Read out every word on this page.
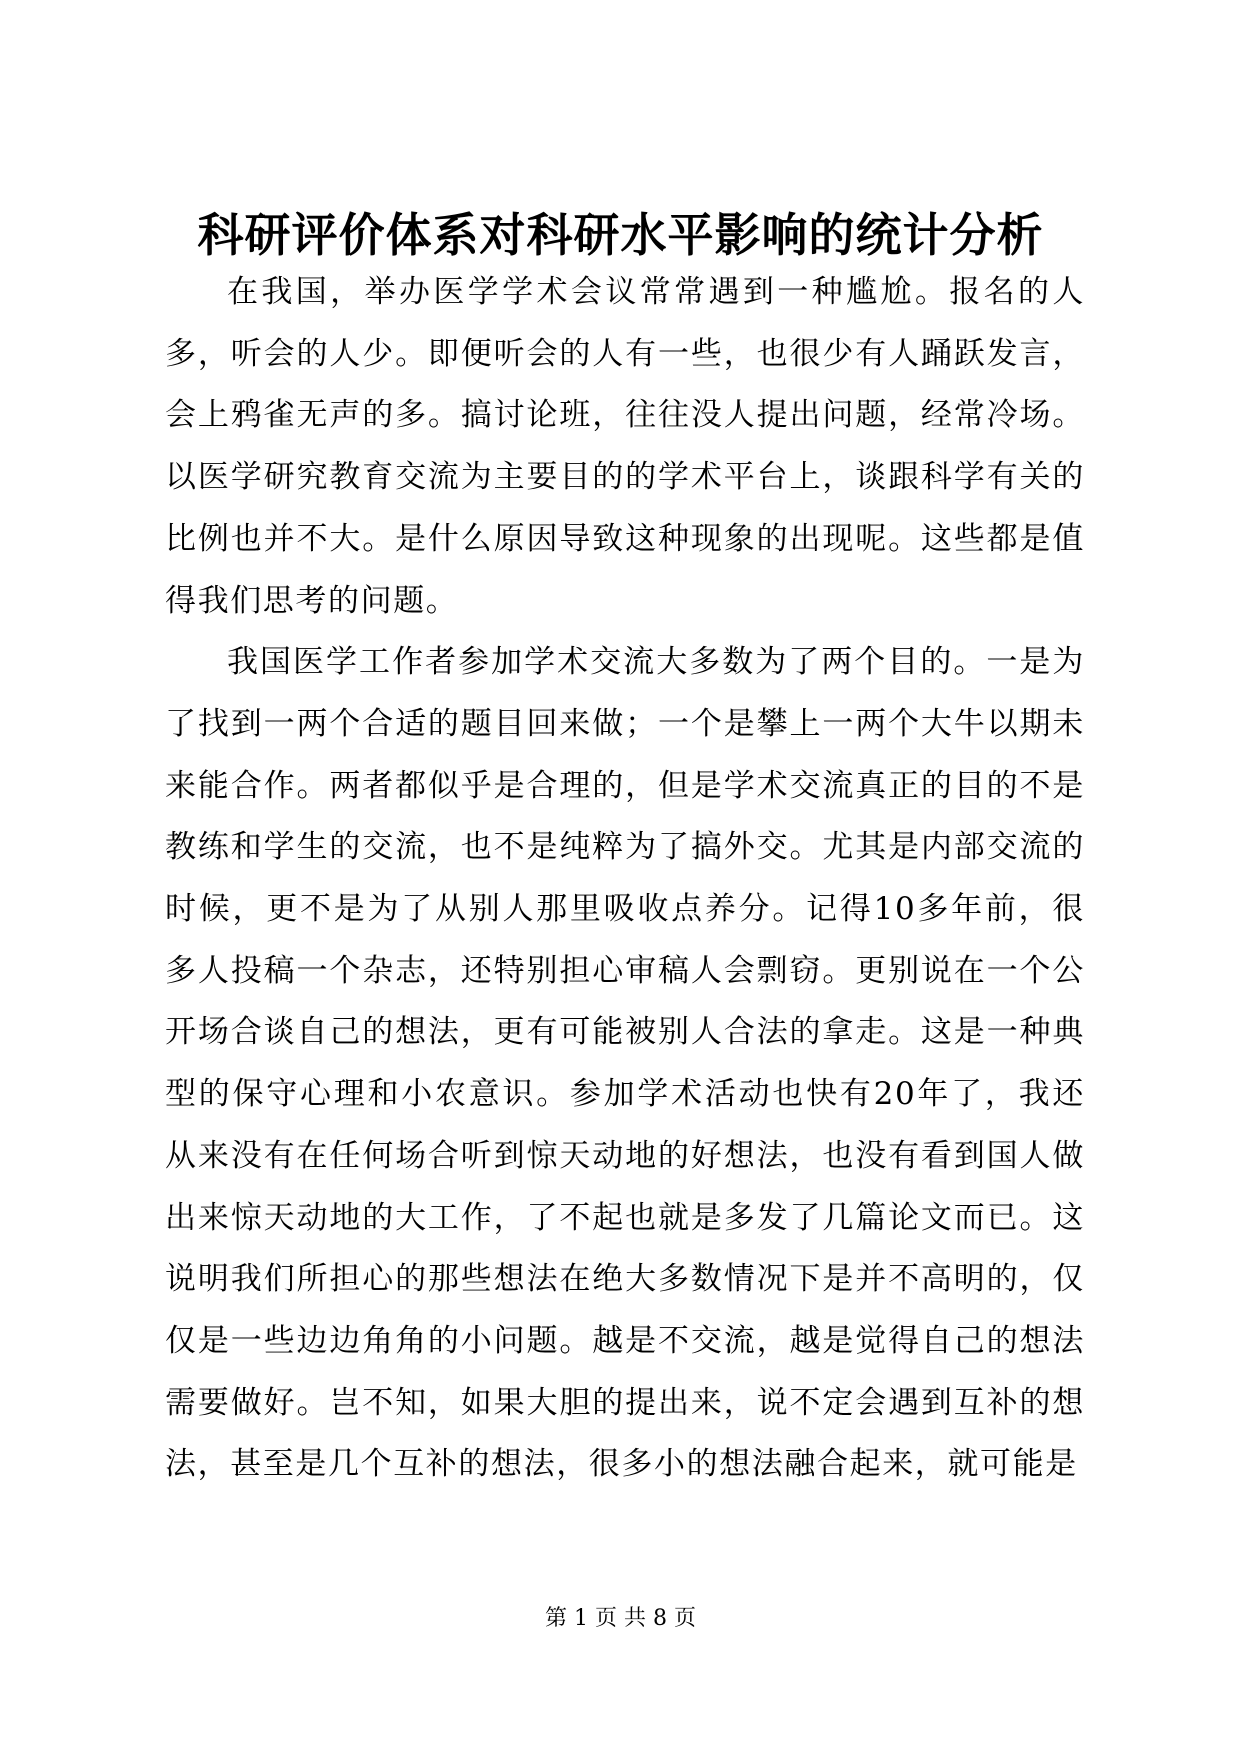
科研评价体系对科研水平影响的统计分析

在我国，举办医学学术会议常常遇到一种尴尬。报名的人多，听会的人少。即便听会的人有一些，也很少有人踊跃发言，会上鸦雀无声的多。搞讨论班，往往没人提出问题，经常冷场。以医学研究教育交流为主要目的的学术平台上，谈跟科学有关的比例也并不大。是什么原因导致这种现象的出现呢。这些都是值得我们思考的问题。

我国医学工作者参加学术交流大多数为了两个目的。一是为了找到一两个合适的题目回来做；一个是攀上一两个大牛以期未来能合作。两者都似乎是合理的，但是学术交流真正的目的不是教练和学生的交流，也不是纯粹为了搞外交。尤其是内部交流的时候，更不是为了从别人那里吸收点养分。记得10多年前，很多人投稿一个杂志，还特别担心审稿人会剽窃。更别说在一个公开场合谈自己的想法，更有可能被别人合法的拿走。这是一种典型的保守心理和小农意识。参加学术活动也快有20年了，我还从来没有在任何场合听到惊天动地的好想法，也没有看到国人做出来惊天动地的大工作，了不起也就是多发了几篇论文而已。这说明我们所担心的那些想法在绝大多数情况下是并不高明的，仅仅是一些边边角角的小问题。越是不交流，越是觉得自己的想法需要做好。岂不知，如果大胆的提出来，说不定会遇到互补的想法，甚至是几个互补的想法，很多小的想法融合起来，就可能是

第 1 页 共 8 页
